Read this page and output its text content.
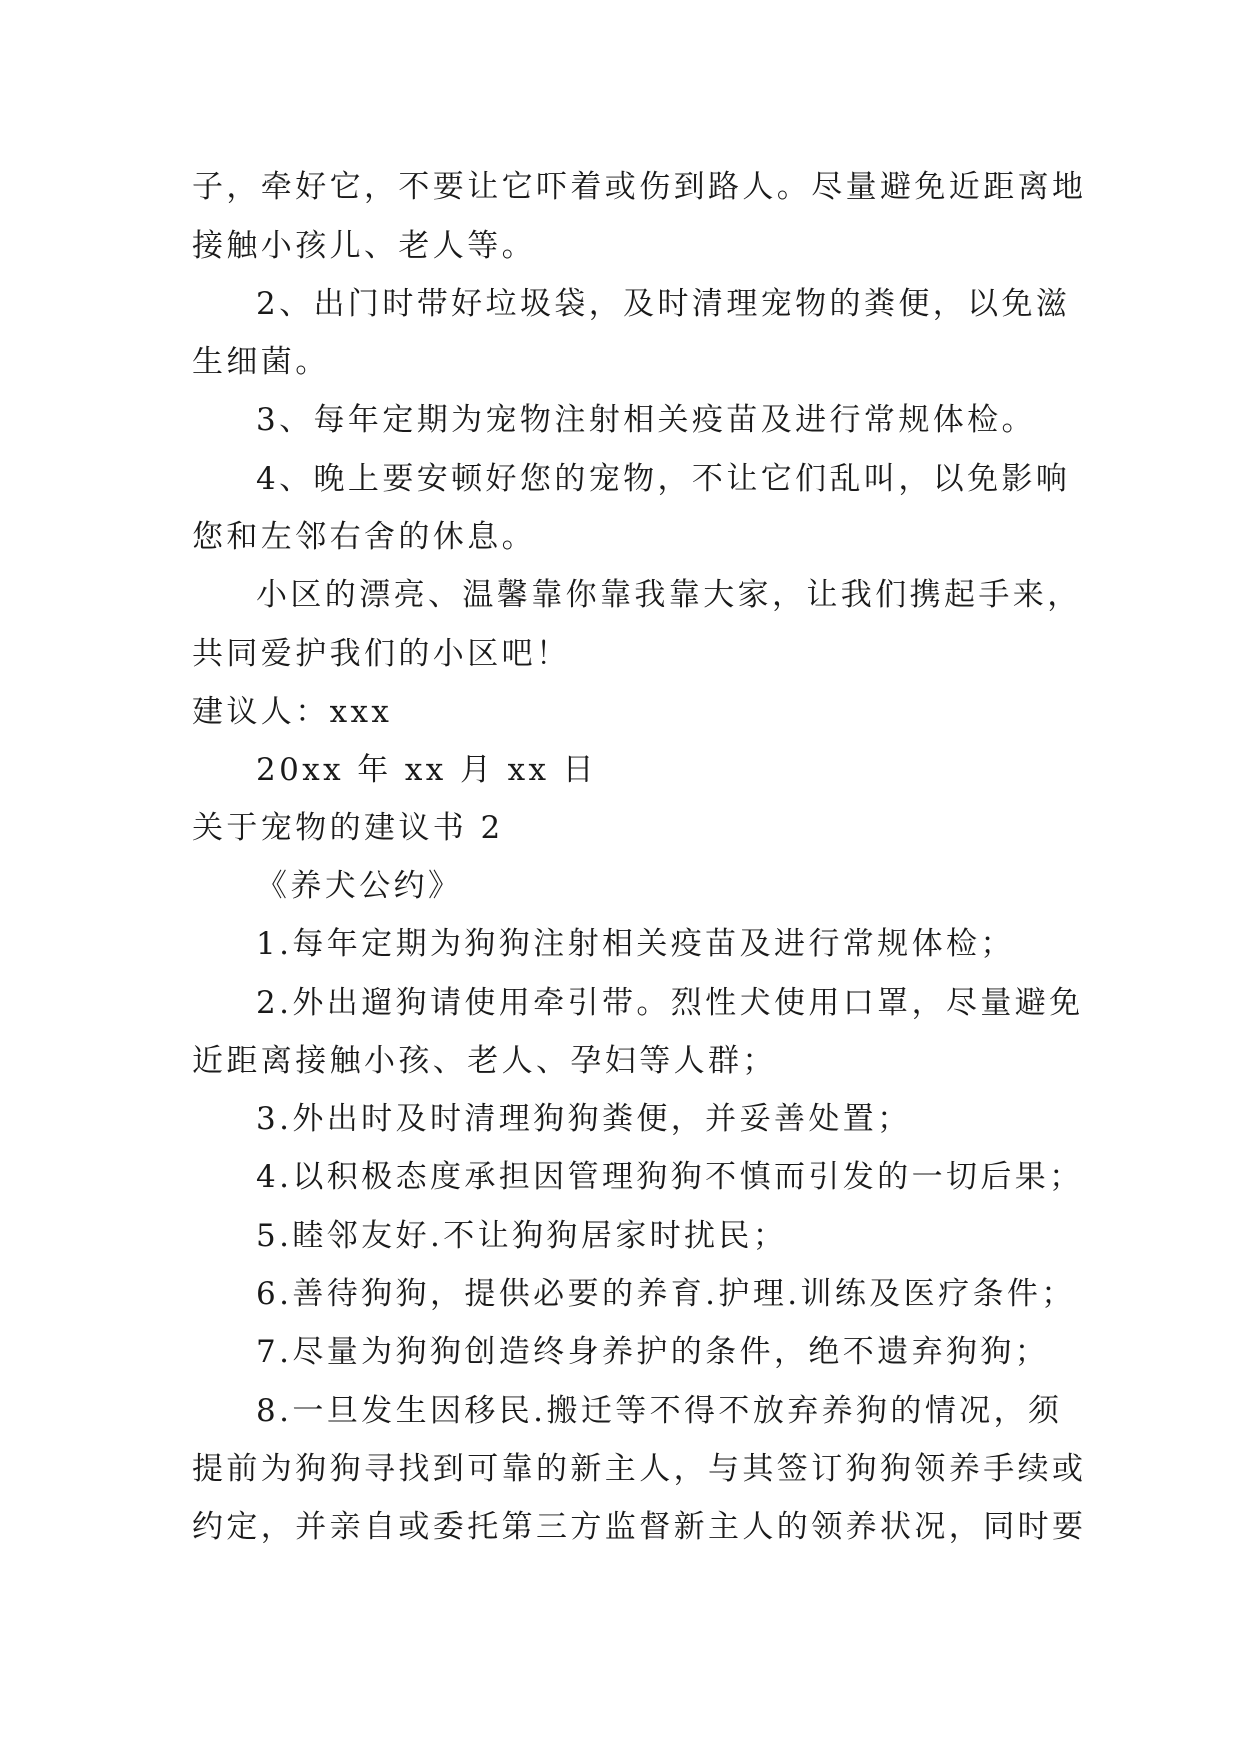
子，牵好它，不要让它吓着或伤到路人。尽量避免近距离地
接触小孩儿、老人等。
2、出门时带好垃圾袋，及时清理宠物的粪便，以免滋
生细菌。
3、每年定期为宠物注射相关疫苗及进行常规体检。
4、晚上要安顿好您的宠物，不让它们乱叫，以免影响
您和左邻右舍的休息。
小区的漂亮、温馨靠你靠我靠大家，让我们携起手来，
共同爱护我们的小区吧！
建议人：xxx
20xx 年 xx 月 xx 日
关于宠物的建议书 2
《养犬公约》
1.每年定期为狗狗注射相关疫苗及进行常规体检；
2.外出遛狗请使用牵引带。烈性犬使用口罩，尽量避免
近距离接触小孩、老人、孕妇等人群；
3.外出时及时清理狗狗粪便，并妥善处置；
4.以积极态度承担因管理狗狗不慎而引发的一切后果；
5.睦邻友好.不让狗狗居家时扰民；
6.善待狗狗，提供必要的养育.护理.训练及医疗条件；
7.尽量为狗狗创造终身养护的条件，绝不遗弃狗狗；
8.一旦发生因移民.搬迁等不得不放弃养狗的情况，须
提前为狗狗寻找到可靠的新主人，与其签订狗狗领养手续或
约定，并亲自或委托第三方监督新主人的领养状况，同时要
